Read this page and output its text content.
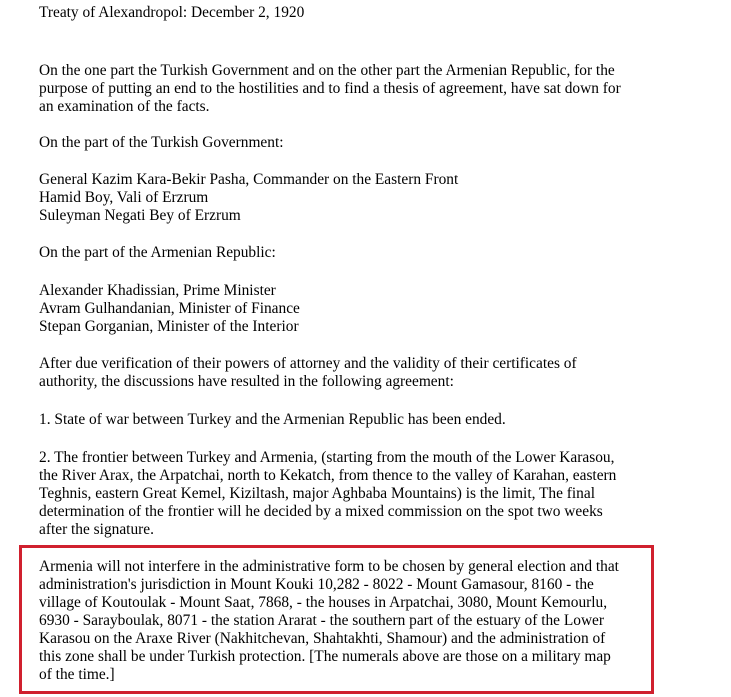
Treaty of Alexandropol: December 2, 1920
On the one part the Turkish Government and on the other part the Armenian Republic, for the
purpose of putting an end to the hostilities and to find a thesis of agreement, have sat down for
an examination of the facts.
On the part of the Turkish Government:
General Kazim Kara-Bekir Pasha, Commander on the Eastern Front
Hamid Boy, Vali of Erzrum
Suleyman Negati Bey of Erzrum
On the part of the Armenian Republic:
Alexander Khadissian, Prime Minister
Avram Gulhandanian, Minister of Finance
Stepan Gorganian, Minister of the Interior
After due verification of their powers of attorney and the validity of their certificates of
authority, the discussions have resulted in the following agreement:
1. State of war between Turkey and the Armenian Republic has been ended.
2. The frontier between Turkey and Armenia, (starting from the mouth of the Lower Karasou,
the River Arax, the Arpatchai, north to Kekatch, from thence to the valley of Karahan, eastern
Teghnis, eastern Great Kemel, Kiziltash, major Aghbaba Mountains) is the limit, The final
determination of the frontier will he decided by a mixed commission on the spot two weeks
after the signature.
Armenia will not interfere in the administrative form to be chosen by general election and that
administration's jurisdiction in Mount Kouki 10,282 - 8022 - Mount Gamasour, 8160 - the
village of Koutoulak - Mount Saat, 7868, - the houses in Arpatchai, 3080, Mount Kemourlu,
6930 - Sarayboulak, 8071 - the station Ararat - the southern part of the estuary of the Lower
Karasou on the Araxe River (Nakhitchevan, Shahtakhti, Shamour) and the administration of
this zone shall be under Turkish protection. [The numerals above are those on a military map
of the time.]
